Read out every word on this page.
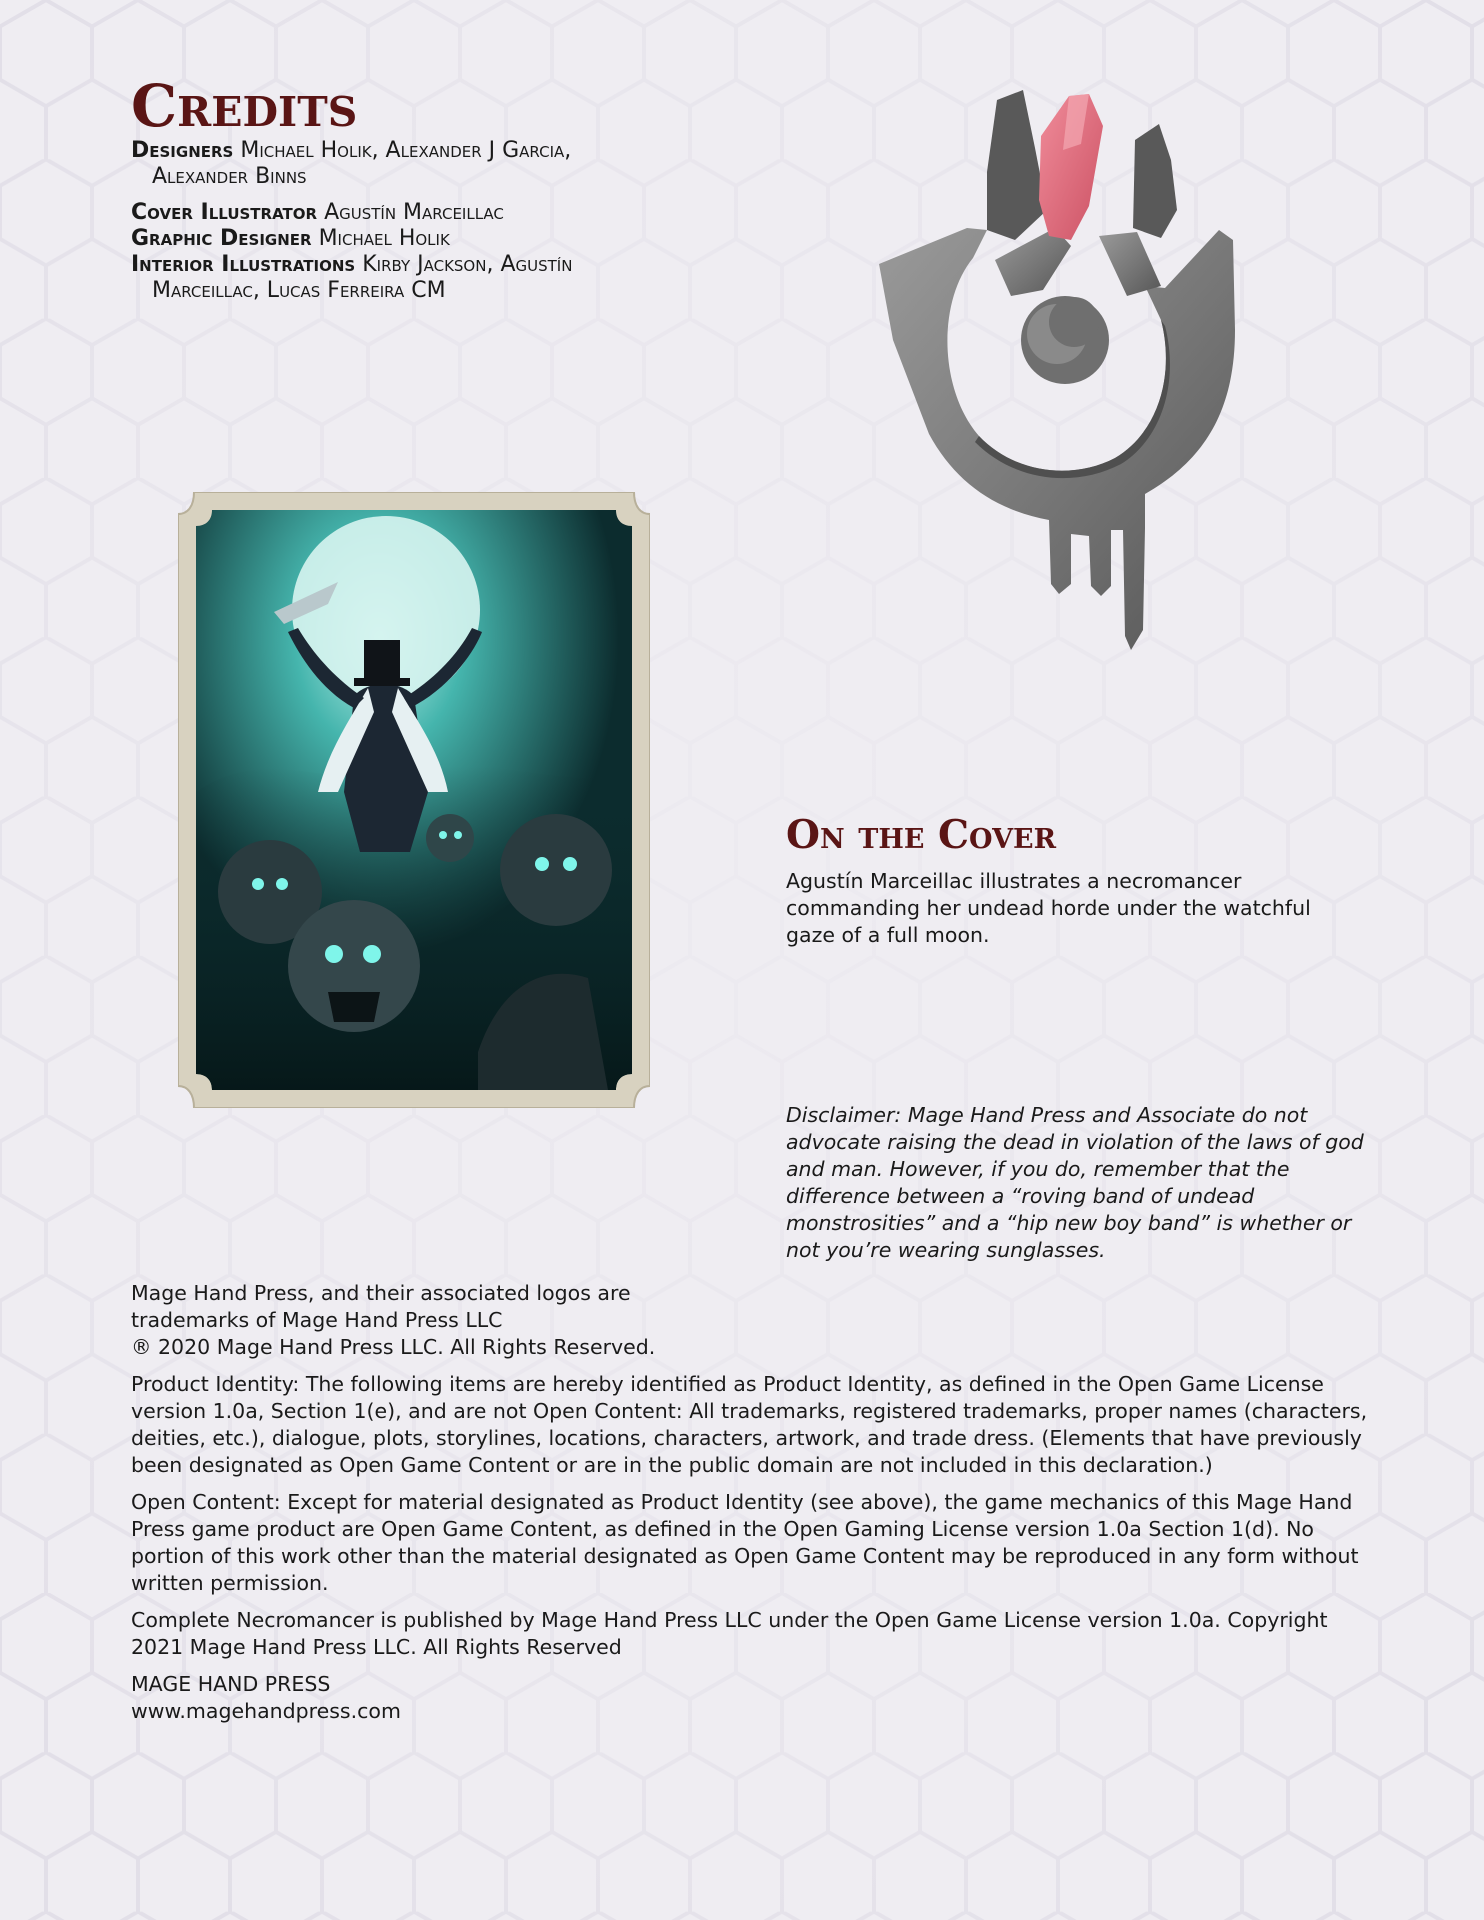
Credits
Designers Michael Holik, Alexander J Garcia,
Alexander Binns
Cover Illustrator Agustín Marceillac
Graphic Designer Michael Holik
Interior Illustrations Kirby Jackson, Agustín
Marceillac, Lucas Ferreira CM
On the Cover

Agustín Marceillac illustrates a necromancer commanding her undead horde under the watchful gaze of a full moon.

Disclaimer: Mage Hand Press and Associate do not advocate raising the dead in violation of the laws of god and man. However, if you do, remember that the difference between a “roving band of undead monstrosities” and a “hip new boy band” is whether or not you’re wearing sunglasses.

Mage Hand Press, and their associated logos are
trademarks of Mage Hand Press LLC
® 2020 Mage Hand Press LLC. All Rights Reserved.

Product Identity: The following items are hereby identified as Product Identity, as defined in the Open Game License version 1.0a, Section 1(e), and are not Open Content: All trademarks, registered trademarks, proper names (characters, deities, etc.), dialogue, plots, storylines, locations, characters, artwork, and trade dress. (Elements that have previously been designated as Open Game Content or are in the public domain are not included in this declaration.)

Open Content: Except for material designated as Product Identity (see above), the game mechanics of this Mage Hand Press game product are Open Game Content, as defined in the Open Gaming License version 1.0a Section 1(d). No portion of this work other than the material designated as Open Game Content may be reproduced in any form without written permission.

Complete Necromancer is published by Mage Hand Press LLC under the Open Game License version 1.0a. Copyright 2021 Mage Hand Press LLC. All Rights Reserved

MAGE HAND PRESS
www.magehandpress.com
